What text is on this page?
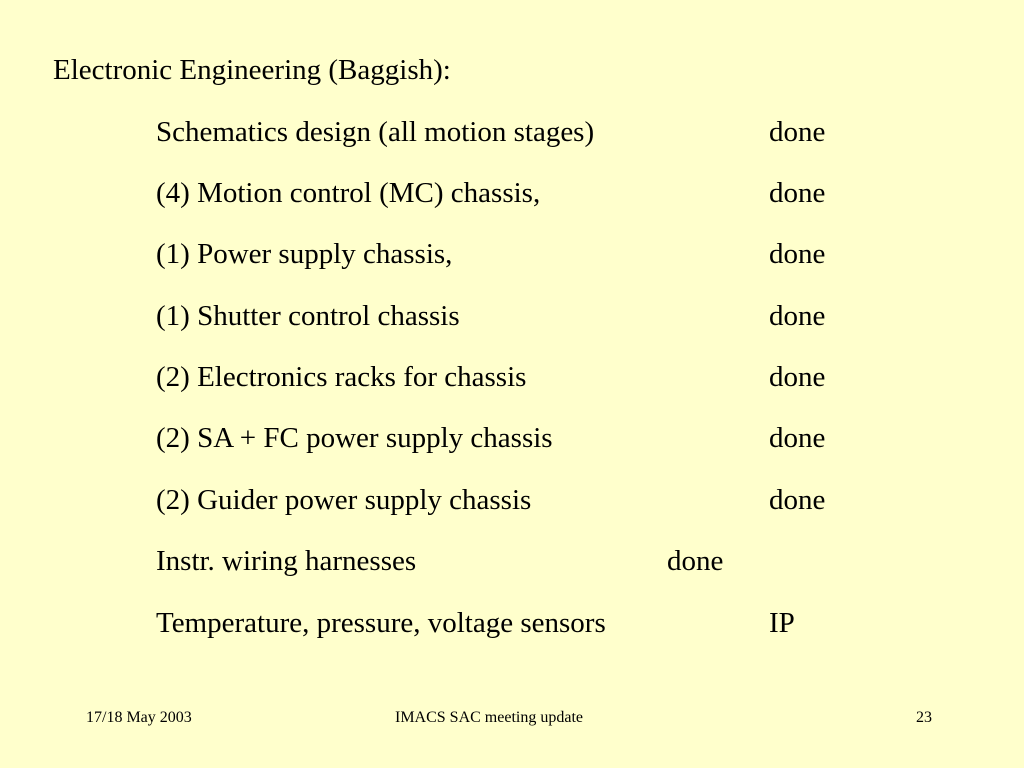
Electronic Engineering (Baggish):
Schematics design (all motion stages)	done
(4) Motion control (MC) chassis,	done
(1) Power supply chassis,	done
(1) Shutter control chassis	done
(2) Electronics racks for chassis	done
(2) SA + FC power supply chassis	done
(2) Guider power supply chassis	done
Instr. wiring harnesses	done
Temperature, pressure, voltage sensors	IP
17/18 May 2003	IMACS SAC meeting update	23
